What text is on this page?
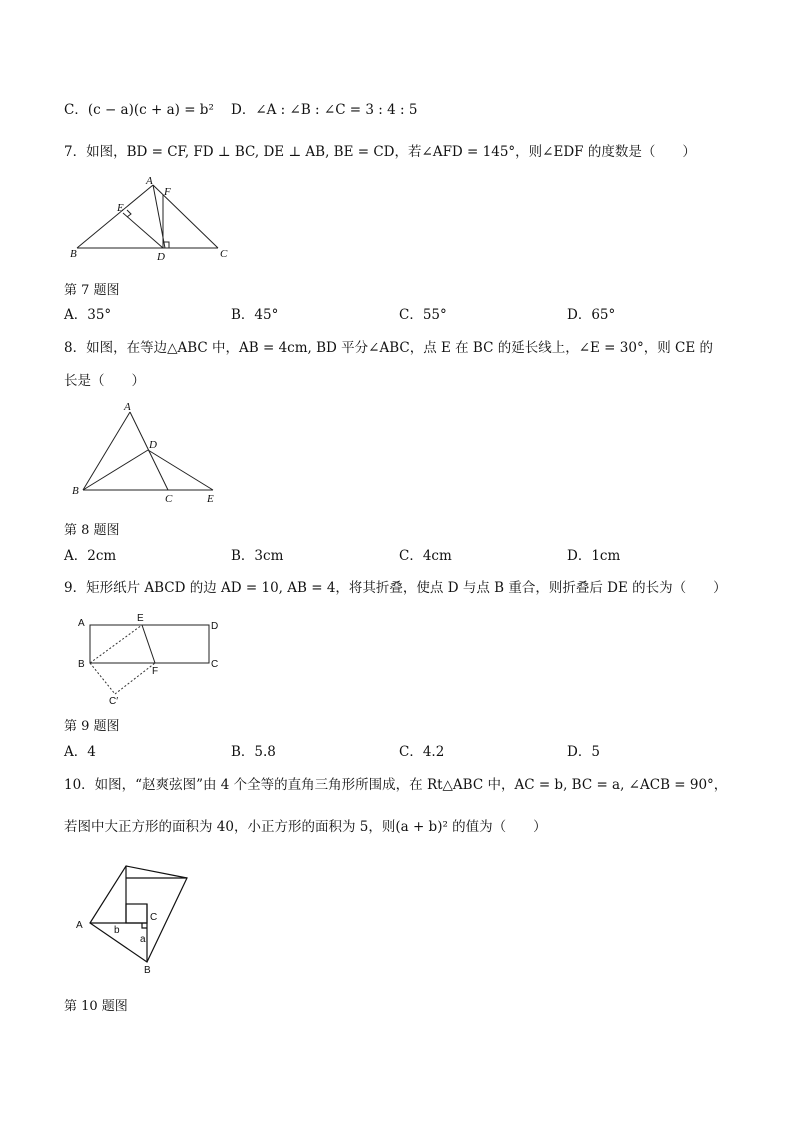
C．(c − a)(c + a) = b² D．∠A : ∠B : ∠C = 3 : 4 : 5
7．如图，BD = CF, FD ⊥ BC, DE ⊥ AB, BE = CD，若∠AFD = 145°，则∠EDF 的度数是（　　）
A
F
E
B	D	C
第 7 题图
A．35°	B．45°	C．55°	D．65°
8．如图，在等边△ABC 中，AB = 4cm, BD 平分∠ABC，点 E 在 BC 的延长线上，∠E = 30°，则 CE 的
长是（　　）
A
D
B
C	E
第 8 题图
A．2cm	B．3cm	C．4cm	D．1cm
9．矩形纸片 ABCD 的边 AD = 10, AB = 4，将其折叠，使点 D 与点 B 重合，则折叠后 DE 的长为（　　）
A	E
D
B
F
C
C′
第 9 题图
A．4	B．5.8	C．4.2	D．5
10．如图，“赵爽弦图”由 4 个全等的直角三角形所围成，在 Rt△ABC 中，AC = b, BC = a, ∠ACB = 90°，
若图中大正方形的面积为 40，小正方形的面积为 5，则(a + b)² 的值为（　　）
A	b
C
a
B
第 10 题图
